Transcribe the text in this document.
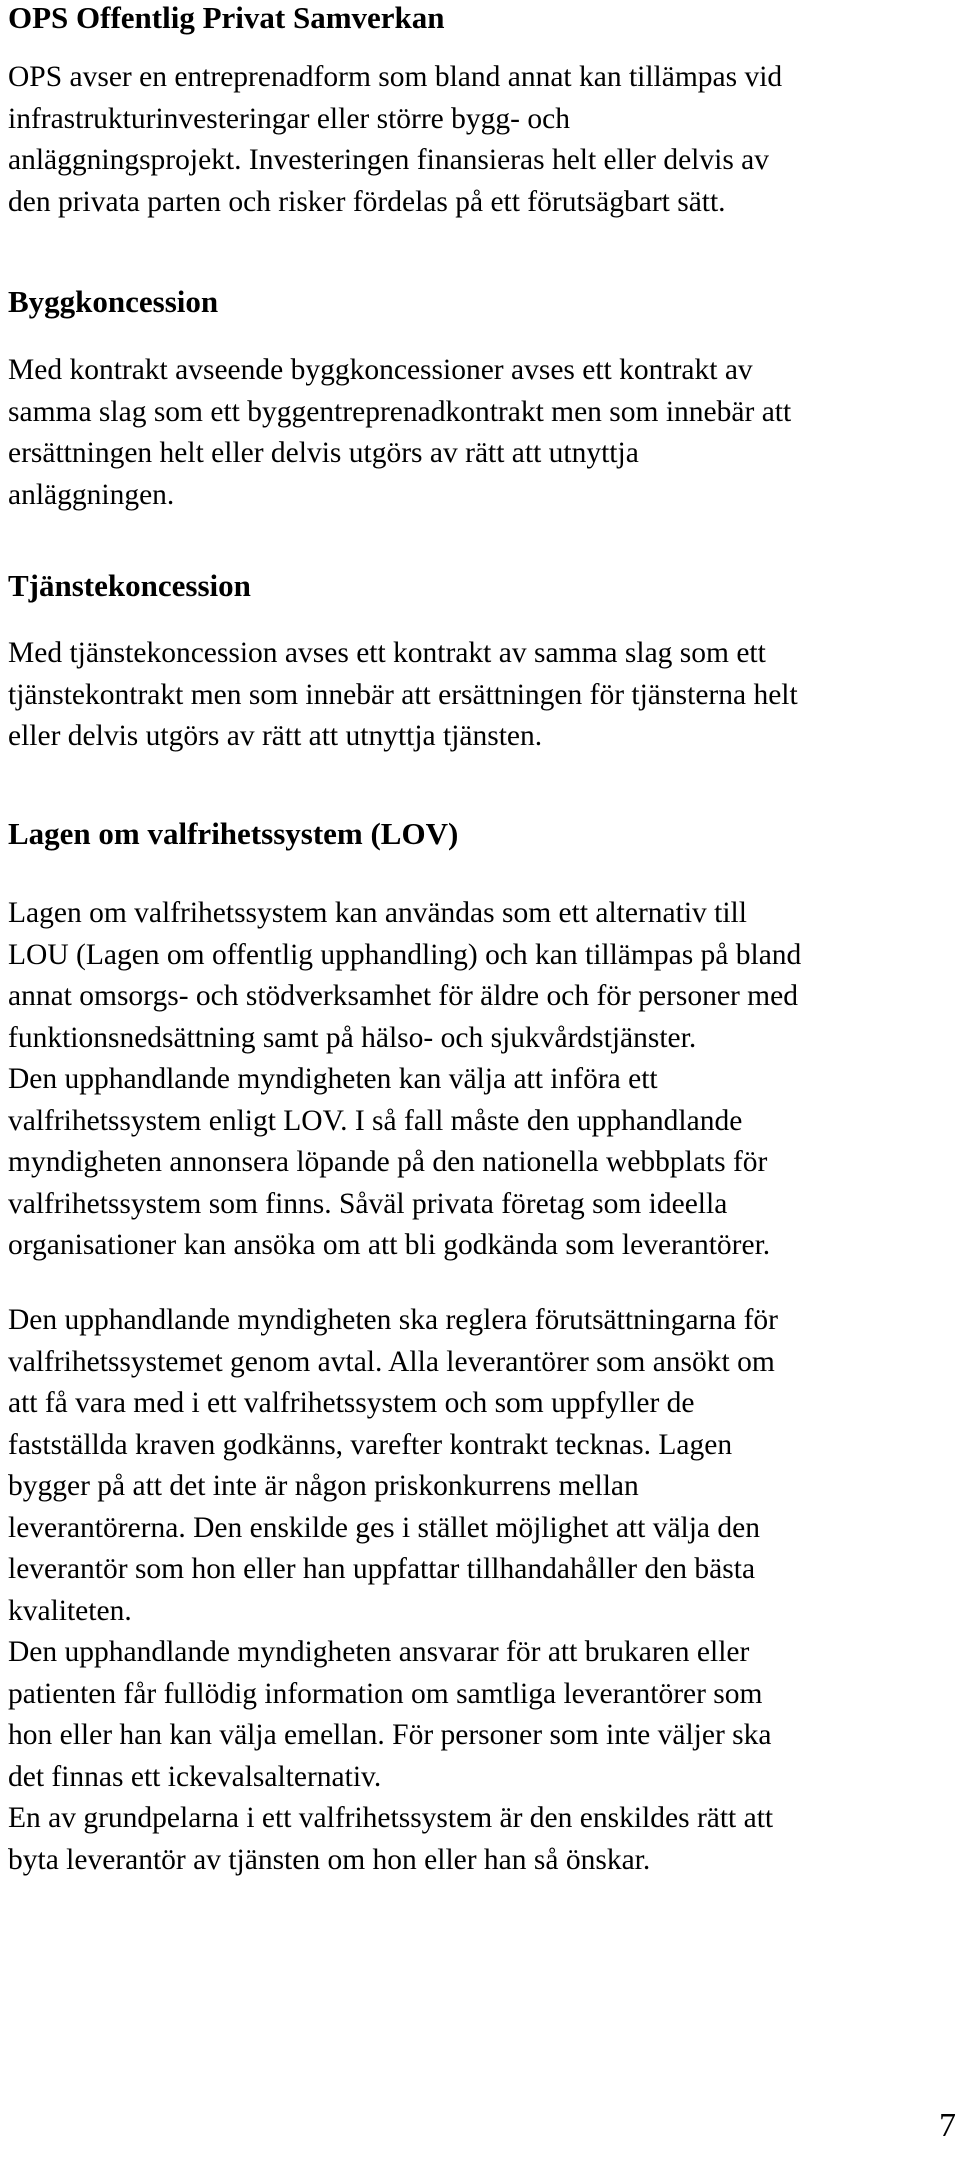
OPS Offentlig Privat Samverkan

OPS avser en entreprenadform som bland annat kan tillämpas vid
infrastrukturinvesteringar eller större bygg- och
anläggningsprojekt. Investeringen finansieras helt eller delvis av
den privata parten och risker fördelas på ett förutsägbart sätt.

Byggkoncession

Med kontrakt avseende byggkoncessioner avses ett kontrakt av
samma slag som ett byggentreprenadkontrakt men som innebär att
ersättningen helt eller delvis utgörs av rätt att utnyttja
anläggningen.

Tjänstekoncession

Med tjänstekoncession avses ett kontrakt av samma slag som ett
tjänstekontrakt men som innebär att ersättningen för tjänsterna helt
eller delvis utgörs av rätt att utnyttja tjänsten.

Lagen om valfrihetssystem (LOV)

Lagen om valfrihetssystem kan användas som ett alternativ till
LOU (Lagen om offentlig upphandling) och kan tillämpas på bland
annat omsorgs- och stödverksamhet för äldre och för personer med
funktionsnedsättning samt på hälso- och sjukvårdstjänster.
Den upphandlande myndigheten kan välja att införa ett
valfrihetssystem enligt LOV. I så fall måste den upphandlande
myndigheten annonsera löpande på den nationella webbplats för
valfrihetssystem som finns. Såväl privata företag som ideella
organisationer kan ansöka om att bli godkända som leverantörer.

Den upphandlande myndigheten ska reglera förutsättningarna för
valfrihetssystemet genom avtal. Alla leverantörer som ansökt om
att få vara med i ett valfrihetssystem och som uppfyller de
fastställda kraven godkänns, varefter kontrakt tecknas. Lagen
bygger på att det inte är någon priskonkurrens mellan
leverantörerna. Den enskilde ges i stället möjlighet att välja den
leverantör som hon eller han uppfattar tillhandahåller den bästa
kvaliteten.
Den upphandlande myndigheten ansvarar för att brukaren eller
patienten får fullödig information om samtliga leverantörer som
hon eller han kan välja emellan. För personer som inte väljer ska
det finnas ett ickevalsalternativ.
En av grundpelarna i ett valfrihetssystem är den enskildes rätt att
byta leverantör av tjänsten om hon eller han så önskar.

7
